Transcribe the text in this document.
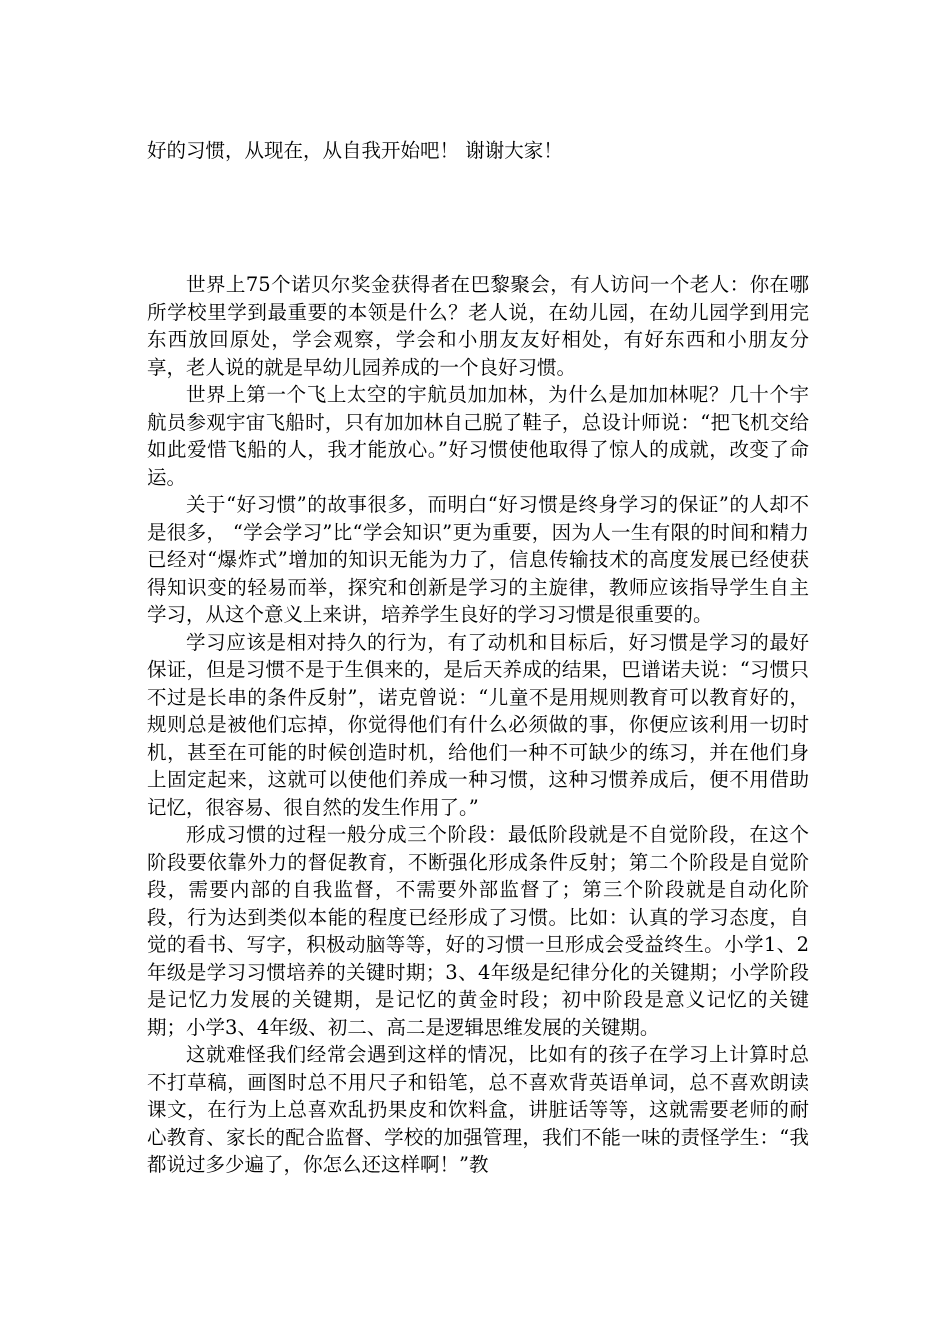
好的习惯，从现在，从自我开始吧！ 谢谢大家！

世界上75个诺贝尔奖金获得者在巴黎聚会，有人访问一个老人：你在哪所学校里学到最重要的本领是什么？老人说，在幼儿园，在幼儿园学到用完东西放回原处，学会观察，学会和小朋友友好相处，有好东西和小朋友分享，老人说的就是早幼儿园养成的一个良好习惯。

世界上第一个飞上太空的宇航员加加林，为什么是加加林呢？几十个宇航员参观宇宙飞船时，只有加加林自己脱了鞋子，总设计师说：“把飞机交给如此爱惜飞船的人，我才能放心。”好习惯使他取得了惊人的成就，改变了命运。

关于“好习惯”的故事很多，而明白“好习惯是终身学习的保证”的人却不是很多， “学会学习”比“学会知识”更为重要，因为人一生有限的时间和精力已经对“爆炸式”增加的知识无能为力了，信息传输技术的高度发展已经使获得知识变的轻易而举，探究和创新是学习的主旋律，教师应该指导学生自主学习，从这个意义上来讲，培养学生良好的学习习惯是很重要的。

学习应该是相对持久的行为，有了动机和目标后，好习惯是学习的最好保证，但是习惯不是于生俱来的，是后天养成的结果，巴谱诺夫说：“习惯只不过是长串的条件反射”，诺克曾说：“儿童不是用规则教育可以教育好的，规则总是被他们忘掉，你觉得他们有什么必须做的事，你便应该利用一切时机，甚至在可能的时候创造时机，给他们一种不可缺少的练习，并在他们身上固定起来，这就可以使他们养成一种习惯，这种习惯养成后，便不用借助记忆，很容易、很自然的发生作用了。”

形成习惯的过程一般分成三个阶段：最低阶段就是不自觉阶段，在这个阶段要依靠外力的督促教育，不断强化形成条件反射；第二个阶段是自觉阶段，需要内部的自我监督，不需要外部监督了；第三个阶段就是自动化阶段，行为达到类似本能的程度已经形成了习惯。比如：认真的学习态度，自觉的看书、写字，积极动脑等等，好的习惯一旦形成会受益终生。小学1、2年级是学习习惯培养的关键时期；3、4年级是纪律分化的关键期；小学阶段是记忆力发展的关键期，是记忆的黄金时段；初中阶段是意义记忆的关键期；小学3、4年级、初二、高二是逻辑思维发展的关键期。

这就难怪我们经常会遇到这样的情况，比如有的孩子在学习上计算时总不打草稿，画图时总不用尺子和铅笔，总不喜欢背英语单词，总不喜欢朗读课文，在行为上总喜欢乱扔果皮和饮料盒，讲脏话等等，这就需要老师的耐心教育、家长的配合监督、学校的加强管理，我们不能一味的责怪学生：“我都说过多少遍了，你怎么还这样啊！”教
